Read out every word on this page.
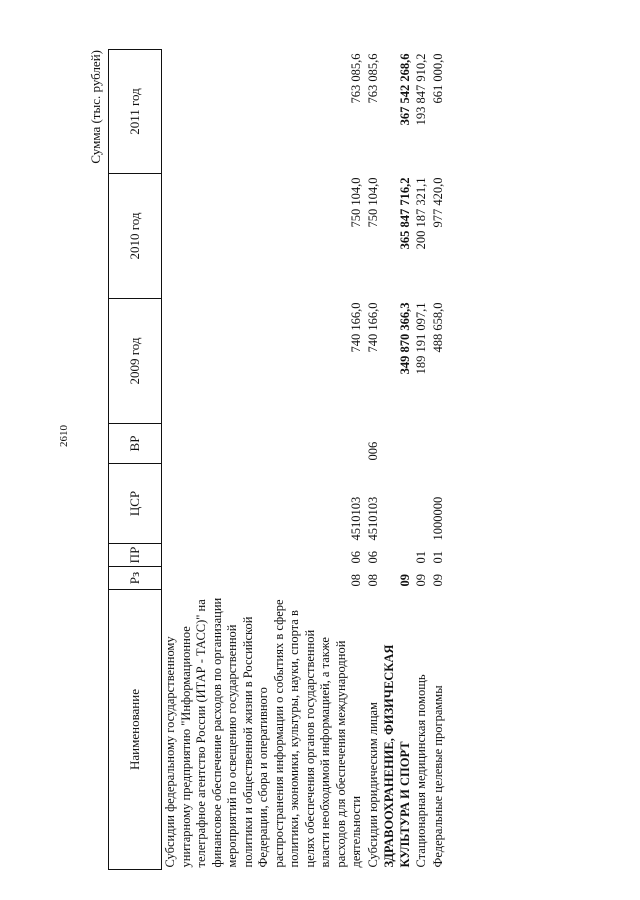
2610
Сумма (тыс. рублей)
Наименование	Рз	ПР	ЦСР	ВР	2009 год	2010 год	2011 год
Субсидии федеральному государственному унитарному предприятию "Информационное телеграфное агентство России (ИТАР - ТАСС)" на финансовое обеспечение расходов по организации мероприятий по освещению государственной политики и общественной жизни в Российской Федерации, сбора и оперативного распространения информации о событиях в сфере политики, экономики, культуры, науки, спорта в целях обеспечения органов государственной власти необходимой информацией, а также расходов для обеспечения международной деятельности	08	06	4510103		740 166,0	750 104,0	763 085,6
Субсидии юридическим лицам	08	06	4510103	006	740 166,0	750 104,0	763 085,6
ЗДРАВООХРАНЕНИЕ, ФИЗИЧЕСКАЯ КУЛЬТУРА И СПОРТ	09				349 870 366,3	365 847 716,2	367 542 268,6
Стационарная медицинская помощь	09	01			189 191 097,1	200 187 321,1	193 847 910,2
Федеральные целевые программы	09	01	1000000		488 658,0	977 420,0	661 000,0
